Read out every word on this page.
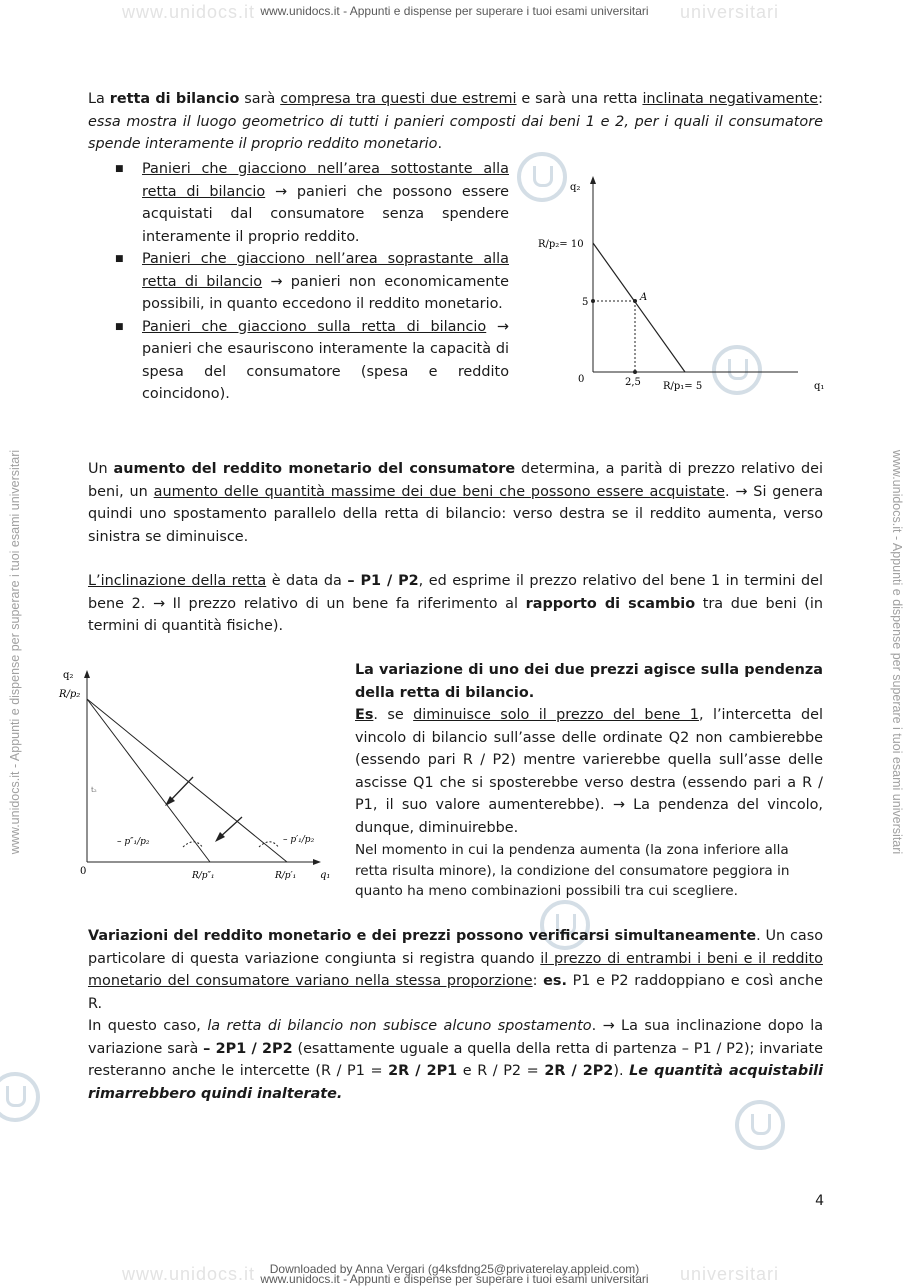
www.unidocs.it	universitari
www.unidocs.it	universitari
www.unidocs.it - Appunti e dispense per superare i tuoi esami universitari
www.unidocs.it - Appunti e dispense per superare i tuoi esami universitari	www.unidocs.it - Appunti e dispense per superare i tuoi esami universitari
La retta di bilancio sarà compresa tra questi due estremi e sarà una retta inclinata negativamente: essa mostra il luogo geometrico di tutti i panieri composti dai beni 1 e 2, per i quali il consumatore spende interamente il proprio reddito monetario.
■ Panieri che giacciono nell’area sottostante alla retta di bilancio → panieri che possono essere acquistati dal consumatore senza spendere interamente il proprio reddito.
■ Panieri che giacciono nell’area soprastante alla retta di bilancio → panieri non economicamente possibili, in quanto eccedono il reddito monetario.
■ Panieri che giacciono sulla retta di bilancio → panieri che esauriscono interamente la capacità di spesa del consumatore (spesa e reddito coincidono).
q₂
R/p₂= 10
5	A
0	2,5 R/p₁= 5	q₁
Un aumento del reddito monetario del consumatore determina, a parità di prezzo relativo dei beni, un aumento delle quantità massime dei due beni che possono essere acquistate. → Si genera quindi uno spostamento parallelo della retta di bilancio: verso destra se il reddito aumenta, verso sinistra se diminuisce.
L’inclinazione della retta è data da – P1 / P2, ed esprime il prezzo relativo del bene 1 in termini del bene 2. → Il prezzo relativo di un bene fa riferimento al rapporto di scambio tra due beni (in termini di quantità fisiche).
q₂
R/p₂
t₂
– p″₁/p₂	– p′₁/p₂
0	R/p″₁	R/p′₁ q₁
La variazione di uno dei due prezzi agisce sulla pendenza della retta di bilancio.
Es. se diminuisce solo il prezzo del bene 1, l’intercetta del vincolo di bilancio sull’asse delle ordinate Q2 non cambierebbe (essendo pari R / P2) mentre varierebbe quella sull’asse delle ascisse Q1 che si sposterebbe verso destra (essendo pari a R / P1, il suo valore aumenterebbe). → La pendenza del vincolo, dunque, diminuirebbe.
Nel momento in cui la pendenza aumenta (la zona inferiore alla retta risulta minore), la condizione del consumatore peggiora in quanto ha meno combinazioni possibili tra cui scegliere.
Variazioni del reddito monetario e dei prezzi possono verificarsi simultaneamente. Un caso particolare di questa variazione congiunta si registra quando il prezzo di entrambi i beni e il reddito monetario del consumatore variano nella stessa proporzione: es. P1 e P2 raddoppiano e così anche R.
In questo caso, la retta di bilancio non subisce alcuno spostamento. → La sua inclinazione dopo la variazione sarà – 2P1 / 2P2 (esattamente uguale a quella della retta di partenza – P1 / P2); invariate resteranno anche le intercette (R / P1 = 2R / 2P1 e R / P2 = 2R / 2P2). Le quantità acquistabili rimarrebbero quindi inalterate.
4
Downloaded by Anna Vergari (g4ksfdng25@privaterelay.appleid.com)
www.unidocs.it - Appunti e dispense per superare i tuoi esami universitari
